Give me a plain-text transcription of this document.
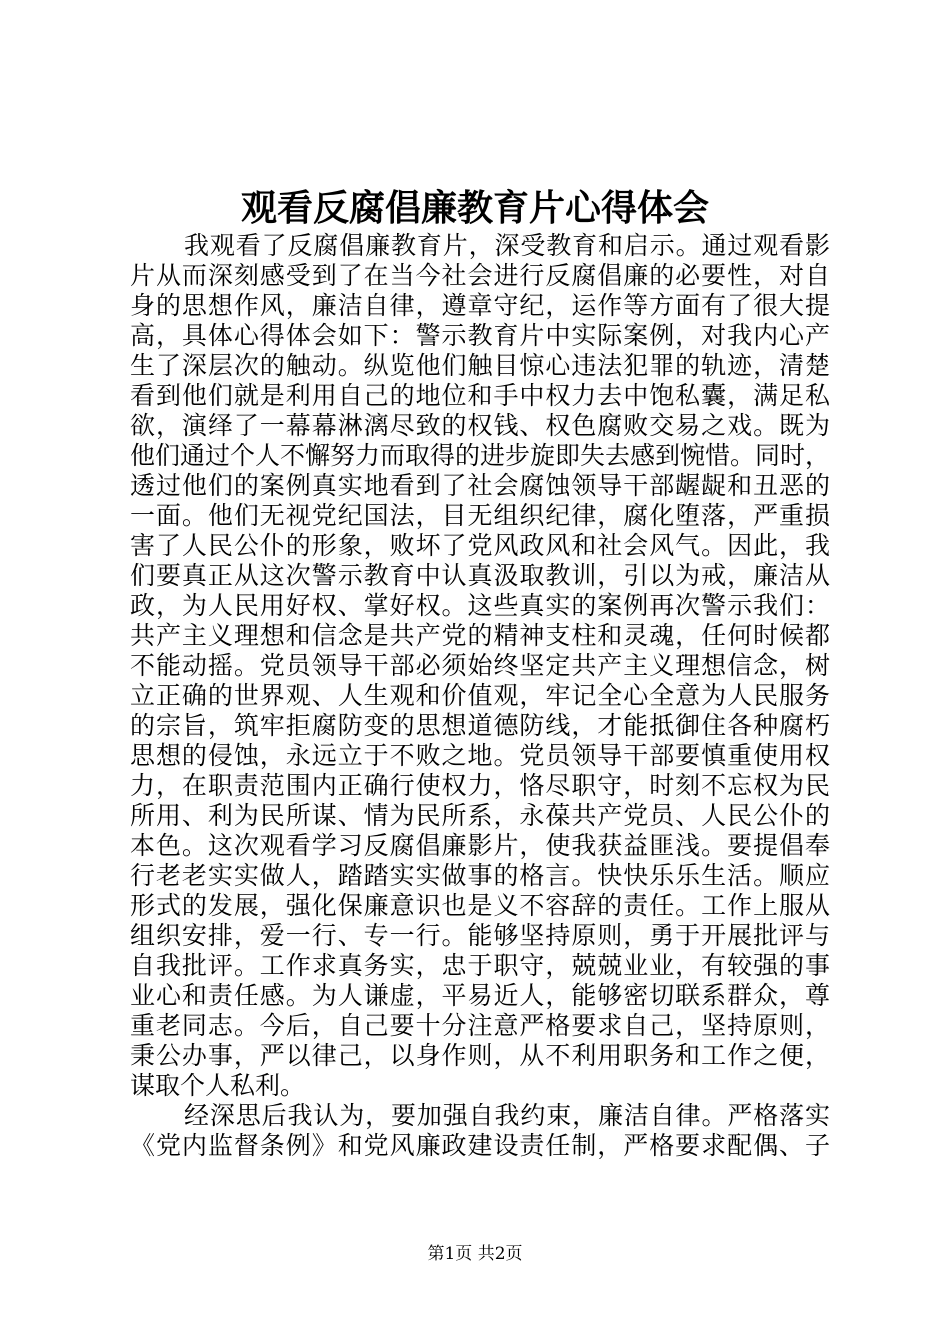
观看反腐倡廉教育片心得体会
我观看了反腐倡廉教育片，深受教育和启示。通过观看影
片从而深刻感受到了在当今社会进行反腐倡廉的必要性，对自
身的思想作风，廉洁自律，遵章守纪，运作等方面有了很大提
高，具体心得体会如下：警示教育片中实际案例，对我内心产
生了深层次的触动。纵览他们触目惊心违法犯罪的轨迹，清楚
看到他们就是利用自己的地位和手中权力去中饱私囊，满足私
欲，演绎了一幕幕淋漓尽致的权钱、权色腐败交易之戏。既为
他们通过个人不懈努力而取得的进步旋即失去感到惋惜。同时，
透过他们的案例真实地看到了社会腐蚀领导干部龌龊和丑恶的
一面。他们无视党纪国法，目无组织纪律，腐化堕落，严重损
害了人民公仆的形象，败坏了党风政风和社会风气。因此，我
们要真正从这次警示教育中认真汲取教训，引以为戒，廉洁从
政，为人民用好权、掌好权。这些真实的案例再次警示我们：
共产主义理想和信念是共产党的精神支柱和灵魂，任何时候都
不能动摇。党员领导干部必须始终坚定共产主义理想信念，树
立正确的世界观、人生观和价值观，牢记全心全意为人民服务
的宗旨，筑牢拒腐防变的思想道德防线，才能抵御住各种腐朽
思想的侵蚀，永远立于不败之地。党员领导干部要慎重使用权
力，在职责范围内正确行使权力，恪尽职守，时刻不忘权为民
所用、利为民所谋、情为民所系，永葆共产党员、人民公仆的
本色。这次观看学习反腐倡廉影片，使我获益匪浅。要提倡奉
行老老实实做人，踏踏实实做事的格言。快快乐乐生活。顺应
形式的发展，强化保廉意识也是义不容辞的责任。工作上服从
组织安排，爱一行、专一行。能够坚持原则，勇于开展批评与
自我批评。工作求真务实，忠于职守，兢兢业业，有较强的事
业心和责任感。为人谦虚，平易近人，能够密切联系群众，尊
重老同志。今后，自己要十分注意严格要求自己，坚持原则，
秉公办事，严以律己，以身作则，从不利用职务和工作之便，
谋取个人私利。
经深思后我认为，要加强自我约束，廉洁自律。严格落实
《党内监督条例》和党风廉政建设责任制，严格要求配偶、子
第1页 共2页
